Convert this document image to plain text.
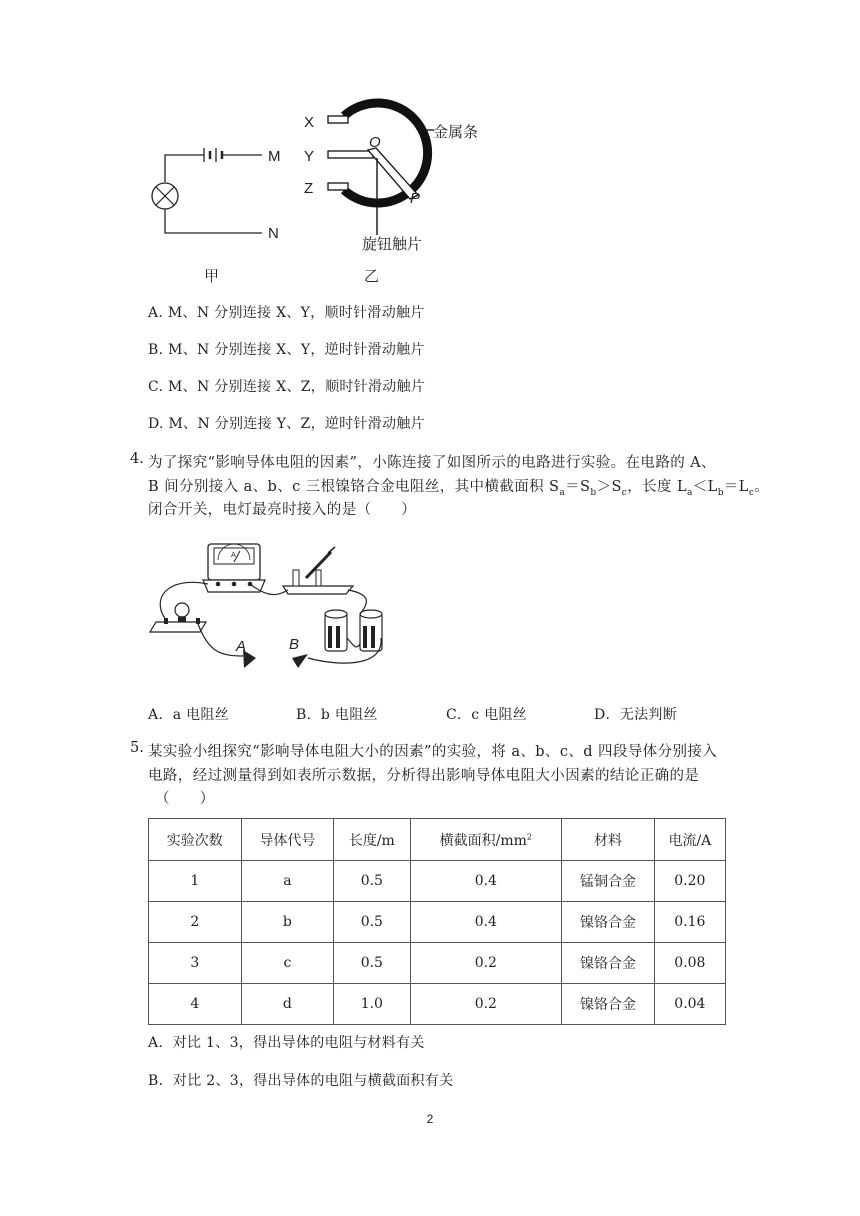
M
N
甲
X
Y
Z
O
P
金属条
旋钮触片
乙
A. M、N 分别连接 X、Y，顺时针滑动触片
B. M、N 分别连接 X、Y，逆时针滑动触片
C. M、N 分别连接 X、Z，顺时针滑动触片
D. M、N 分别连接 Y、Z，逆时针滑动触片
4. 为了探究“影响导体电阻的因素”，小陈连接了如图所示的电路进行实验。在电路的 A、
B 间分别接入 a、b、c 三根镍铬合金电阻丝，其中横截面积 $S_a=S_b>S_c$，长度 $L_a<L_b=L_c$。
闭合开关，电灯最亮时接入的是（　　）
A
A	B
A．a 电阻丝	B．b 电阻丝	C．c 电阻丝	D．无法判断
5. 某实验小组探究“影响导体电阻大小的因素”的实验，将 a、b、c、d 四段导体分别接入
电路，经过测量得到如表所示数据，分析得出影响导体电阻大小因素的结论正确的是
（　　）
实验次数	导体代号	长度/m	横截面积$/mm^2$	材料	电流/A
1	a	0.5	0.4	锰铜合金	0.20
2	b	0.5	0.4	镍铬合金	0.16
3	c	0.5	0.2	镍铬合金	0.08
4	d	1.0	0.2	镍铬合金	0.04
A．对比 1、3，得出导体的电阻与材料有关
B．对比 2、3，得出导体的电阻与横截面积有关
2
